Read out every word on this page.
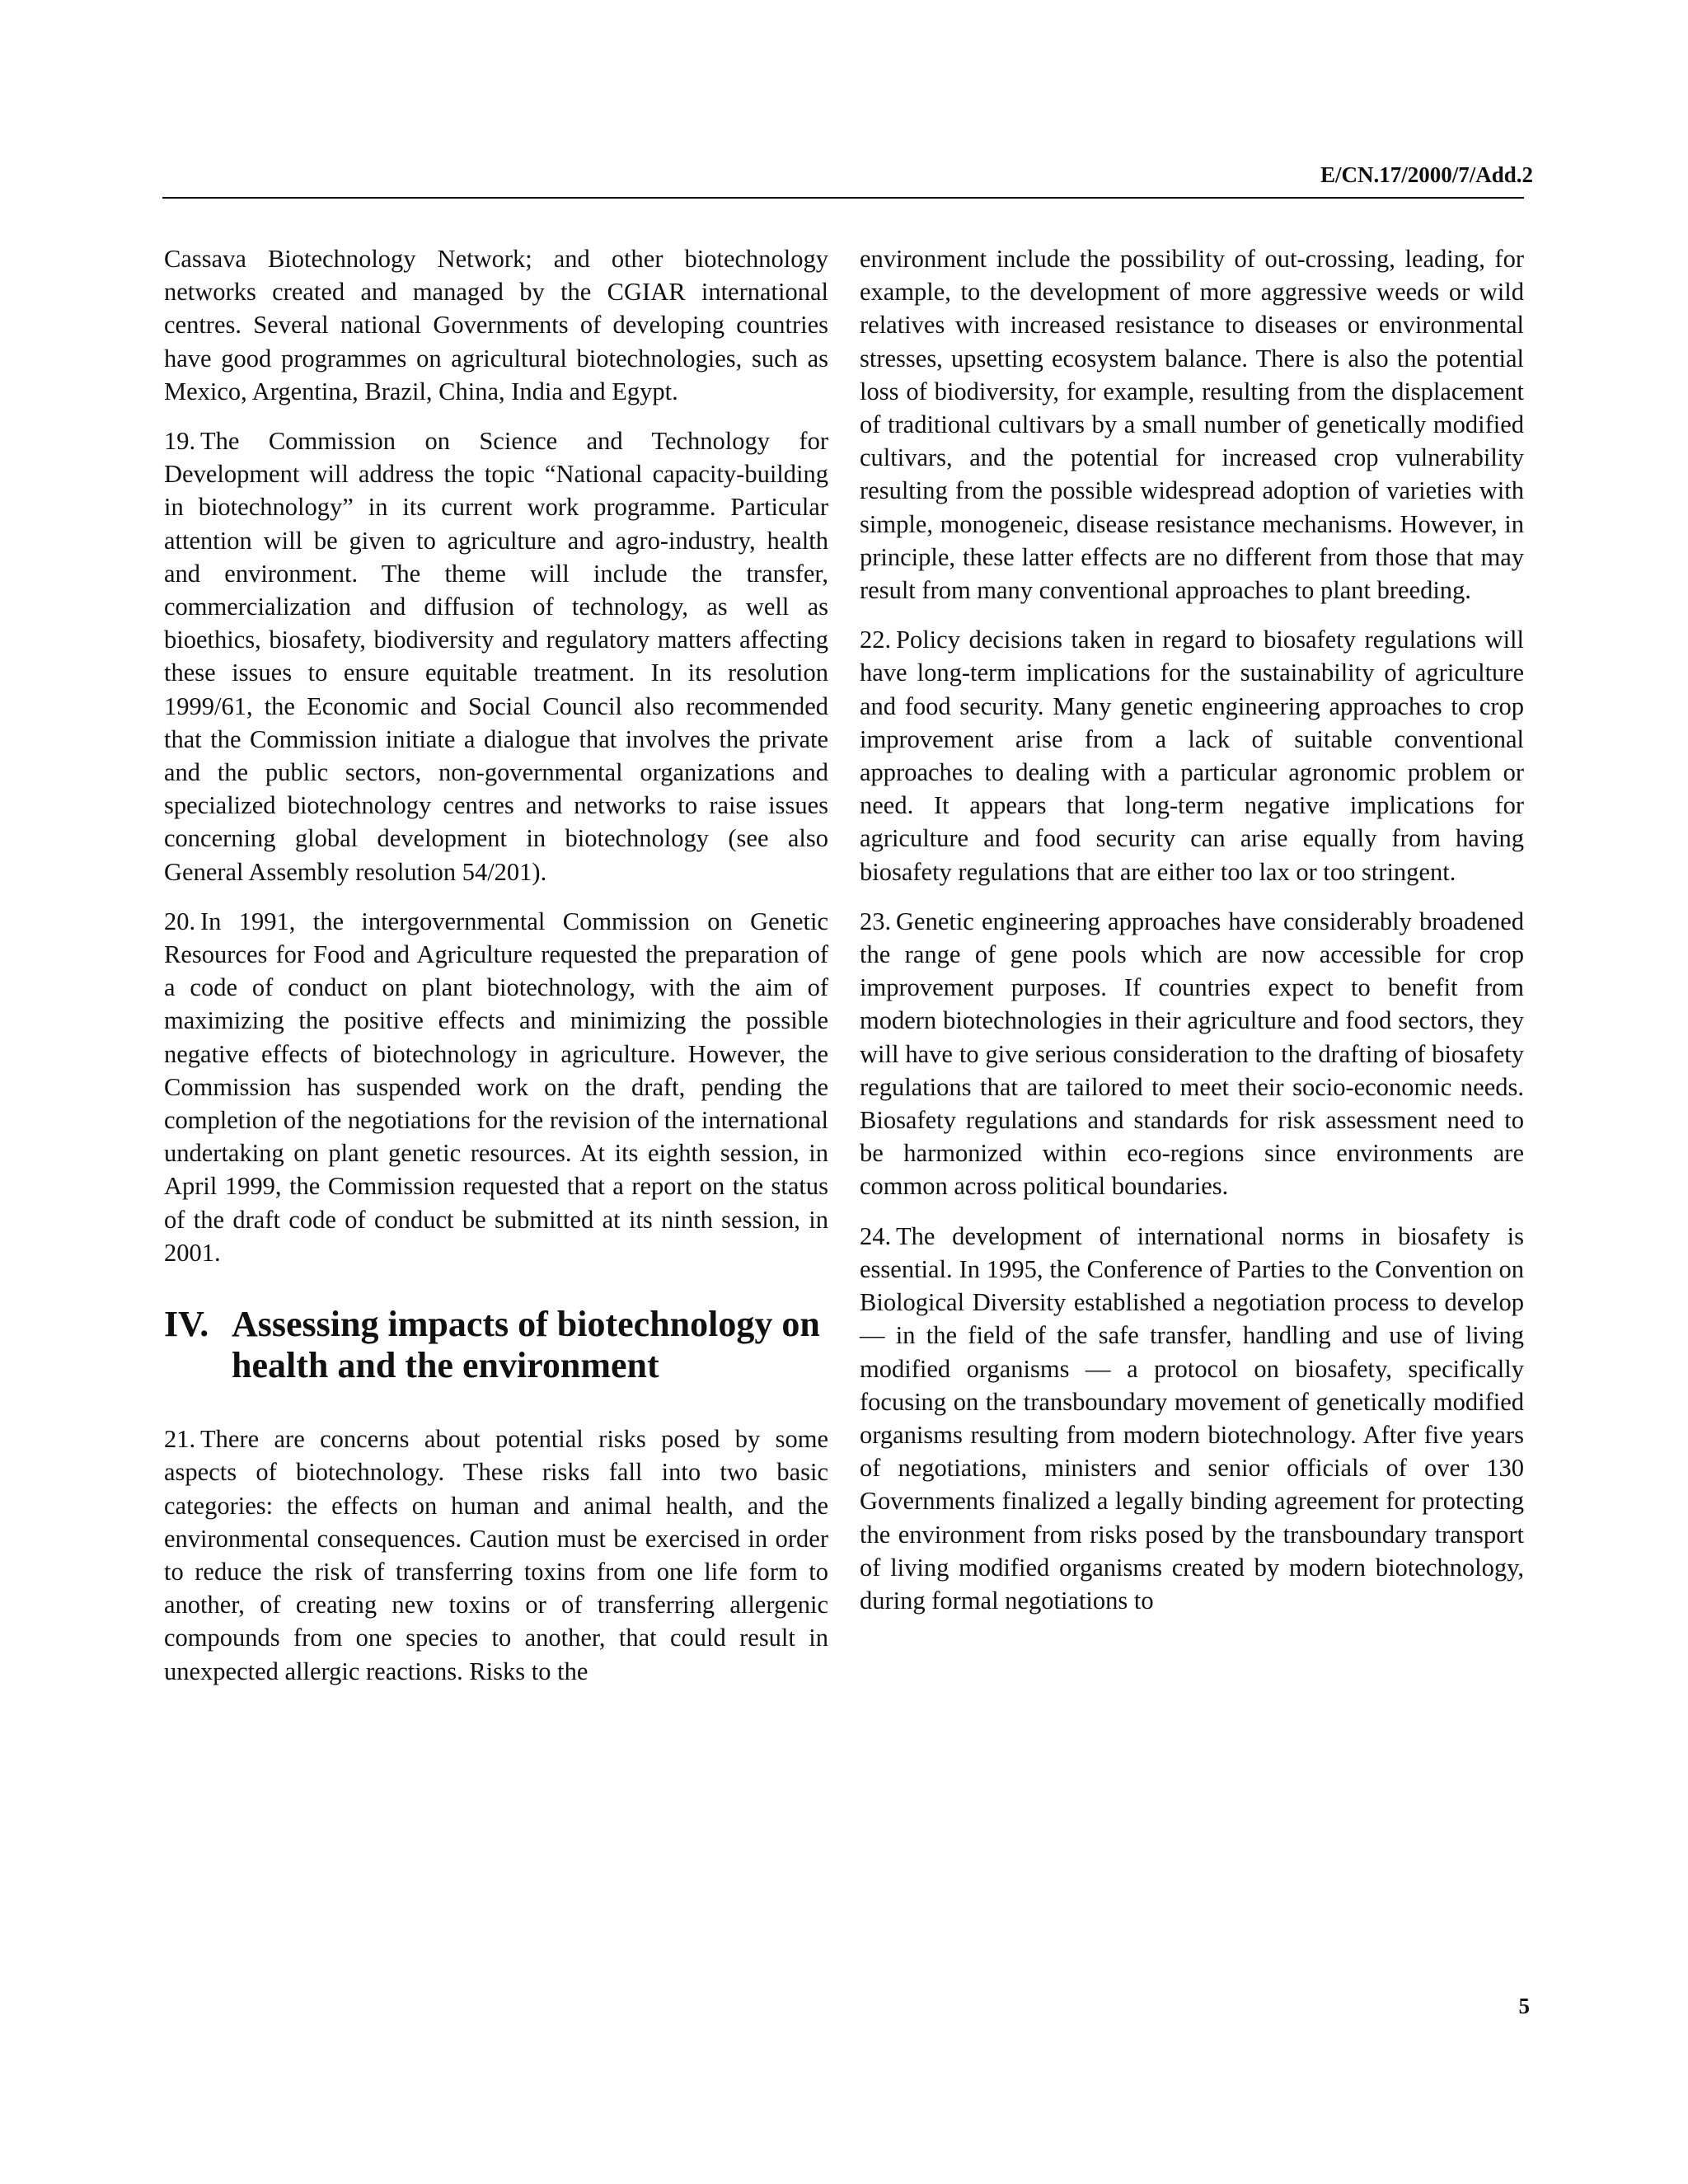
E/CN.17/2000/7/Add.2

Cassava Biotechnology Network; and other biotechnology networks created and managed by the CGIAR international centres. Several national Governments of developing countries have good programmes on agricultural biotechnologies, such as Mexico, Argentina, Brazil, China, India and Egypt.

19. The Commission on Science and Technology for Development will address the topic “National capacity-building in biotechnology” in its current work programme. Particular attention will be given to agriculture and agro-industry, health and environment. The theme will include the transfer, commercialization and diffusion of technology, as well as bioethics, biosafety, biodiversity and regulatory matters affecting these issues to ensure equitable treatment. In its resolution 1999/61, the Economic and Social Council also recommended that the Commission initiate a dialogue that involves the private and the public sectors, non-governmental organizations and specialized biotechnology centres and networks to raise issues concerning global development in biotechnology (see also General Assembly resolution 54/201).

20. In 1991, the intergovernmental Commission on Genetic Resources for Food and Agriculture requested the preparation of a code of conduct on plant biotechnology, with the aim of maximizing the positive effects and minimizing the possible negative effects of biotechnology in agriculture. However, the Commission has suspended work on the draft, pending the completion of the negotiations for the revision of the international undertaking on plant genetic resources. At its eighth session, in April 1999, the Commission requested that a report on the status of the draft code of conduct be submitted at its ninth session, in 2001.

IV. Assessing impacts of biotechnology on health and the environment

21. There are concerns about potential risks posed by some aspects of biotechnology. These risks fall into two basic categories: the effects on human and animal health, and the environmental consequences. Caution must be exercised in order to reduce the risk of transferring toxins from one life form to another, of creating new toxins or of transferring allergenic compounds from one species to another, that could result in unexpected allergic reactions. Risks to the

environment include the possibility of out-crossing, leading, for example, to the development of more aggressive weeds or wild relatives with increased resistance to diseases or environmental stresses, upsetting ecosystem balance. There is also the potential loss of biodiversity, for example, resulting from the displacement of traditional cultivars by a small number of genetically modified cultivars, and the potential for increased crop vulnerability resulting from the possible widespread adoption of varieties with simple, monogeneic, disease resistance mechanisms. However, in principle, these latter effects are no different from those that may result from many conventional approaches to plant breeding.

22. Policy decisions taken in regard to biosafety regulations will have long-term implications for the sustainability of agriculture and food security. Many genetic engineering approaches to crop improvement arise from a lack of suitable conventional approaches to dealing with a particular agronomic problem or need. It appears that long-term negative implications for agriculture and food security can arise equally from having biosafety regulations that are either too lax or too stringent.

23. Genetic engineering approaches have considerably broadened the range of gene pools which are now accessible for crop improvement purposes. If countries expect to benefit from modern biotechnologies in their agriculture and food sectors, they will have to give serious consideration to the drafting of biosafety regulations that are tailored to meet their socio-economic needs. Biosafety regulations and standards for risk assessment need to be harmonized within eco-regions since environments are common across political boundaries.

24. The development of international norms in biosafety is essential. In 1995, the Conference of Parties to the Convention on Biological Diversity established a negotiation process to develop — in the field of the safe transfer, handling and use of living modified organisms — a protocol on biosafety, specifically focusing on the transboundary movement of genetically modified organisms resulting from modern biotechnology. After five years of negotiations, ministers and senior officials of over 130 Governments finalized a legally binding agreement for protecting the environment from risks posed by the transboundary transport of living modified organisms created by modern biotechnology, during formal negotiations to

5
